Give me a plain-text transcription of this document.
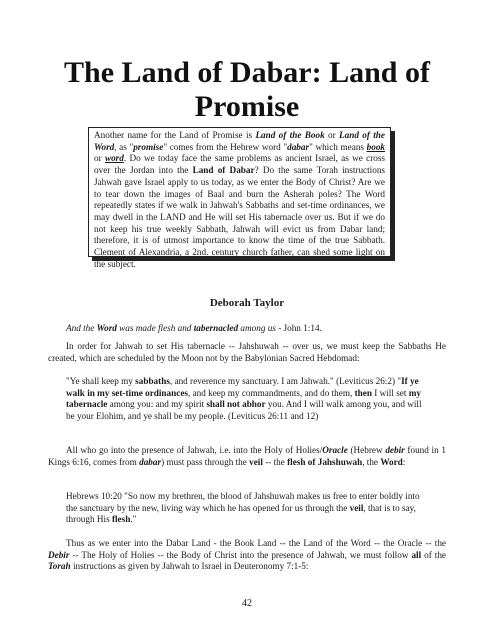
The Land of Dabar: Land of Promise
Another name for the Land of Promise is Land of the Book or Land of the Word, as "promise" comes from the Hebrew word "dabar" which means book or word. Do we today face the same problems as ancient Israel, as we cross over the Jordan into the Land of Dabar? Do the same Torah instructions Jahwah gave Israel apply to us today, as we enter the Body of Christ? Are we to tear down the images of Baal and burn the Asherah poles? The Word repeatedly states if we walk in Jahwah's Sabbaths and set-time ordinances, we may dwell in the LAND and He will set His tabernacle over us. But if we do not keep his true weekly Sabbath, Jahwah will evict us from Dabar land; therefore, it is of utmost importance to know the time of the true Sabbath. Clement of Alexandria, a 2nd. century church father, can shed some light on the subject.
Deborah Taylor
And the Word was made flesh and tabernacled among us - John 1:14.
In order for Jahwah to set His tabernacle -- Jahshuwah -- over us, we must keep the Sabbaths He created, which are scheduled by the Moon not by the Babylonian Sacred Hebdomad:
"Ye shall keep my sabbaths, and reverence my sanctuary. I am Jahwah." (Leviticus 26:2) "If ye walk in my set-time ordinances, and keep my commandments, and do them, then I will set my tabernacle among you: and my spirit shall not abhor you. And I will walk among you, and will be your Elohim, and ye shall be my people. (Leviticus 26:11 and 12)
All who go into the presence of Jahwah, i.e. into the Holy of Holies/Oracle (Hebrew debir found in 1 Kings 6:16, comes from dabar) must pass through the veil -- the flesh of Jahshuwah, the Word:
Hebrews 10:20 "So now my brethren, the blood of Jahshuwah makes us free to enter boldly into the sanctuary by the new, living way which he has opened for us through the veil, that is to say, through His flesh."
Thus as we enter into the Dabar Land - the Book Land -- the Land of the Word -- the Oracle -- the Debir -- The Holy of Holies -- the Body of Christ into the presence of Jahwah, we must follow all of the Torah instructions as given by Jahwah to Israel in Deuteronomy 7:1-5:
42
